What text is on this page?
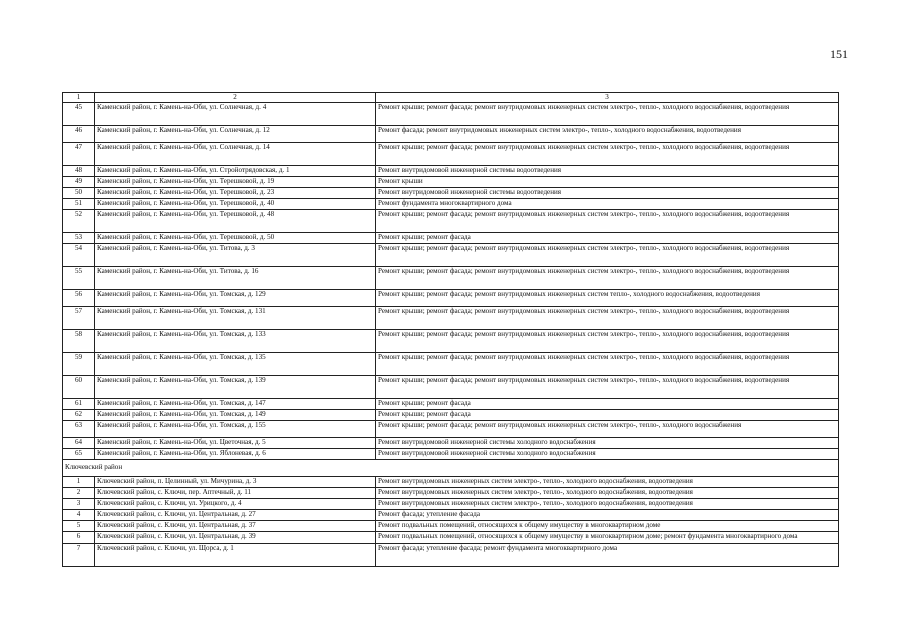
151
1	2	3
45	Каменский район, г. Камень-на-Оби, ул. Солнечная, д. 4	Ремонт крыши; ремонт фасада; ремонт внутридомовых инженерных систем электро-, тепло-, холодного водоснабжения, водоотведения
46	Каменский район, г. Камень-на-Оби, ул. Солнечная, д. 12	Ремонт фасада; ремонт внутридомовых инженерных систем электро-, тепло-, холодного водоснабжения, водоотведения
47	Каменский район, г. Камень-на-Оби, ул. Солнечная, д. 14	Ремонт крыши; ремонт фасада; ремонт внутридомовых инженерных систем электро-, тепло-, холодного водоснабжения, водоотведения
48	Каменский район, г. Камень-на-Оби, ул. Стройотрядовская, д. 1	Ремонт внутридомовой инженерной системы водоотведения
49	Каменский район, г. Камень-на-Оби, ул. Терешковой, д. 19	Ремонт крыши
50	Каменский район, г. Камень-на-Оби, ул. Терешковой, д. 23	Ремонт внутридомовой инженерной системы водоотведения
51	Каменский район, г. Камень-на-Оби, ул. Терешковой, д. 40	Ремонт фундамента многоквартирного дома
52	Каменский район, г. Камень-на-Оби, ул. Терешковой, д. 48	Ремонт крыши; ремонт фасада; ремонт внутридомовых инженерных систем электро-, тепло-, холодного водоснабжения, водоотведения
53	Каменский район, г. Камень-на-Оби, ул. Терешковой, д. 50	Ремонт крыши; ремонт фасада
54	Каменский район, г. Камень-на-Оби, ул. Титова, д. 3	Ремонт крыши; ремонт фасада; ремонт внутридомовых инженерных систем электро-, тепло-, холодного водоснабжения, водоотведения
55	Каменский район, г. Камень-на-Оби, ул. Титова, д. 16	Ремонт крыши; ремонт фасада; ремонт внутридомовых инженерных систем электро-, тепло-, холодного водоснабжения, водоотведения
56	Каменский район, г. Камень-на-Оби, ул. Томская, д. 129	Ремонт крыши; ремонт фасада; ремонт внутридомовых инженерных систем тепло-, холодного водоснабжения, водоотведения
57	Каменский район, г. Камень-на-Оби, ул. Томская, д. 131	Ремонт крыши; ремонт фасада; ремонт внутридомовых инженерных систем электро-, тепло-, холодного водоснабжения, водоотведения
58	Каменский район, г. Камень-на-Оби, ул. Томская, д. 133	Ремонт крыши; ремонт фасада; ремонт внутридомовых инженерных систем электро-, тепло-, холодного водоснабжения, водоотведения
59	Каменский район, г. Камень-на-Оби, ул. Томская, д. 135	Ремонт крыши; ремонт фасада; ремонт внутридомовых инженерных систем электро-, тепло-, холодного водоснабжения, водоотведения
60	Каменский район, г. Камень-на-Оби, ул. Томская, д. 139	Ремонт крыши; ремонт фасада; ремонт внутридомовых инженерных систем электро-, тепло-, холодного водоснабжения, водоотведения
61	Каменский район, г. Камень-на-Оби, ул. Томская, д. 147	Ремонт крыши; ремонт фасада
62	Каменский район, г. Камень-на-Оби, ул. Томская, д. 149	Ремонт крыши; ремонт фасада
63	Каменский район, г. Камень-на-Оби, ул. Томская, д. 155	Ремонт крыши; ремонт фасада; ремонт внутридомовых инженерных систем электро-, тепло-, холодного водоснабжения
64	Каменский район, г. Камень-на-Оби, ул. Цветочная, д. 5	Ремонт внутридомовой инженерной системы холодного водоснабжения
65	Каменский район, г. Камень-на-Оби, ул. Яблоневая, д. 6	Ремонт внутридомовой инженерной системы холодного водоснабжения
Ключевский район		
1	Ключевский район, п. Целинный, ул. Мичурина, д. 3	Ремонт внутридомовых инженерных систем электро-, тепло-, холодного водоснабжения, водоотведения
2	Ключевский район, с. Ключи, пер. Аптечный, д. 11	Ремонт внутридомовых инженерных систем электро-, тепло-, холодного водоснабжения, водоотведения
3	Ключевский район, с. Ключи, ул. Урицкого, д. 4	Ремонт внутридомовых инженерных систем электро-, тепло-, холодного водоснабжения, водоотведения
4	Ключевский район, с. Ключи, ул. Центральная, д. 27	Ремонт фасада; утепление фасада
5	Ключевский район, с. Ключи, ул. Центральная, д. 37	Ремонт подвальных помещений, относящихся к общему имуществу в многоквартирном доме
6	Ключевский район, с. Ключи, ул. Центральная, д. 39	Ремонт подвальных помещений, относящихся к общему имуществу в многоквартирном доме; ремонт фундамента многоквартирного дома
7	Ключевский район, с. Ключи, ул. Щорса, д. 1	Ремонт фасада; утепление фасада; ремонт фундамента многоквартирного дома
